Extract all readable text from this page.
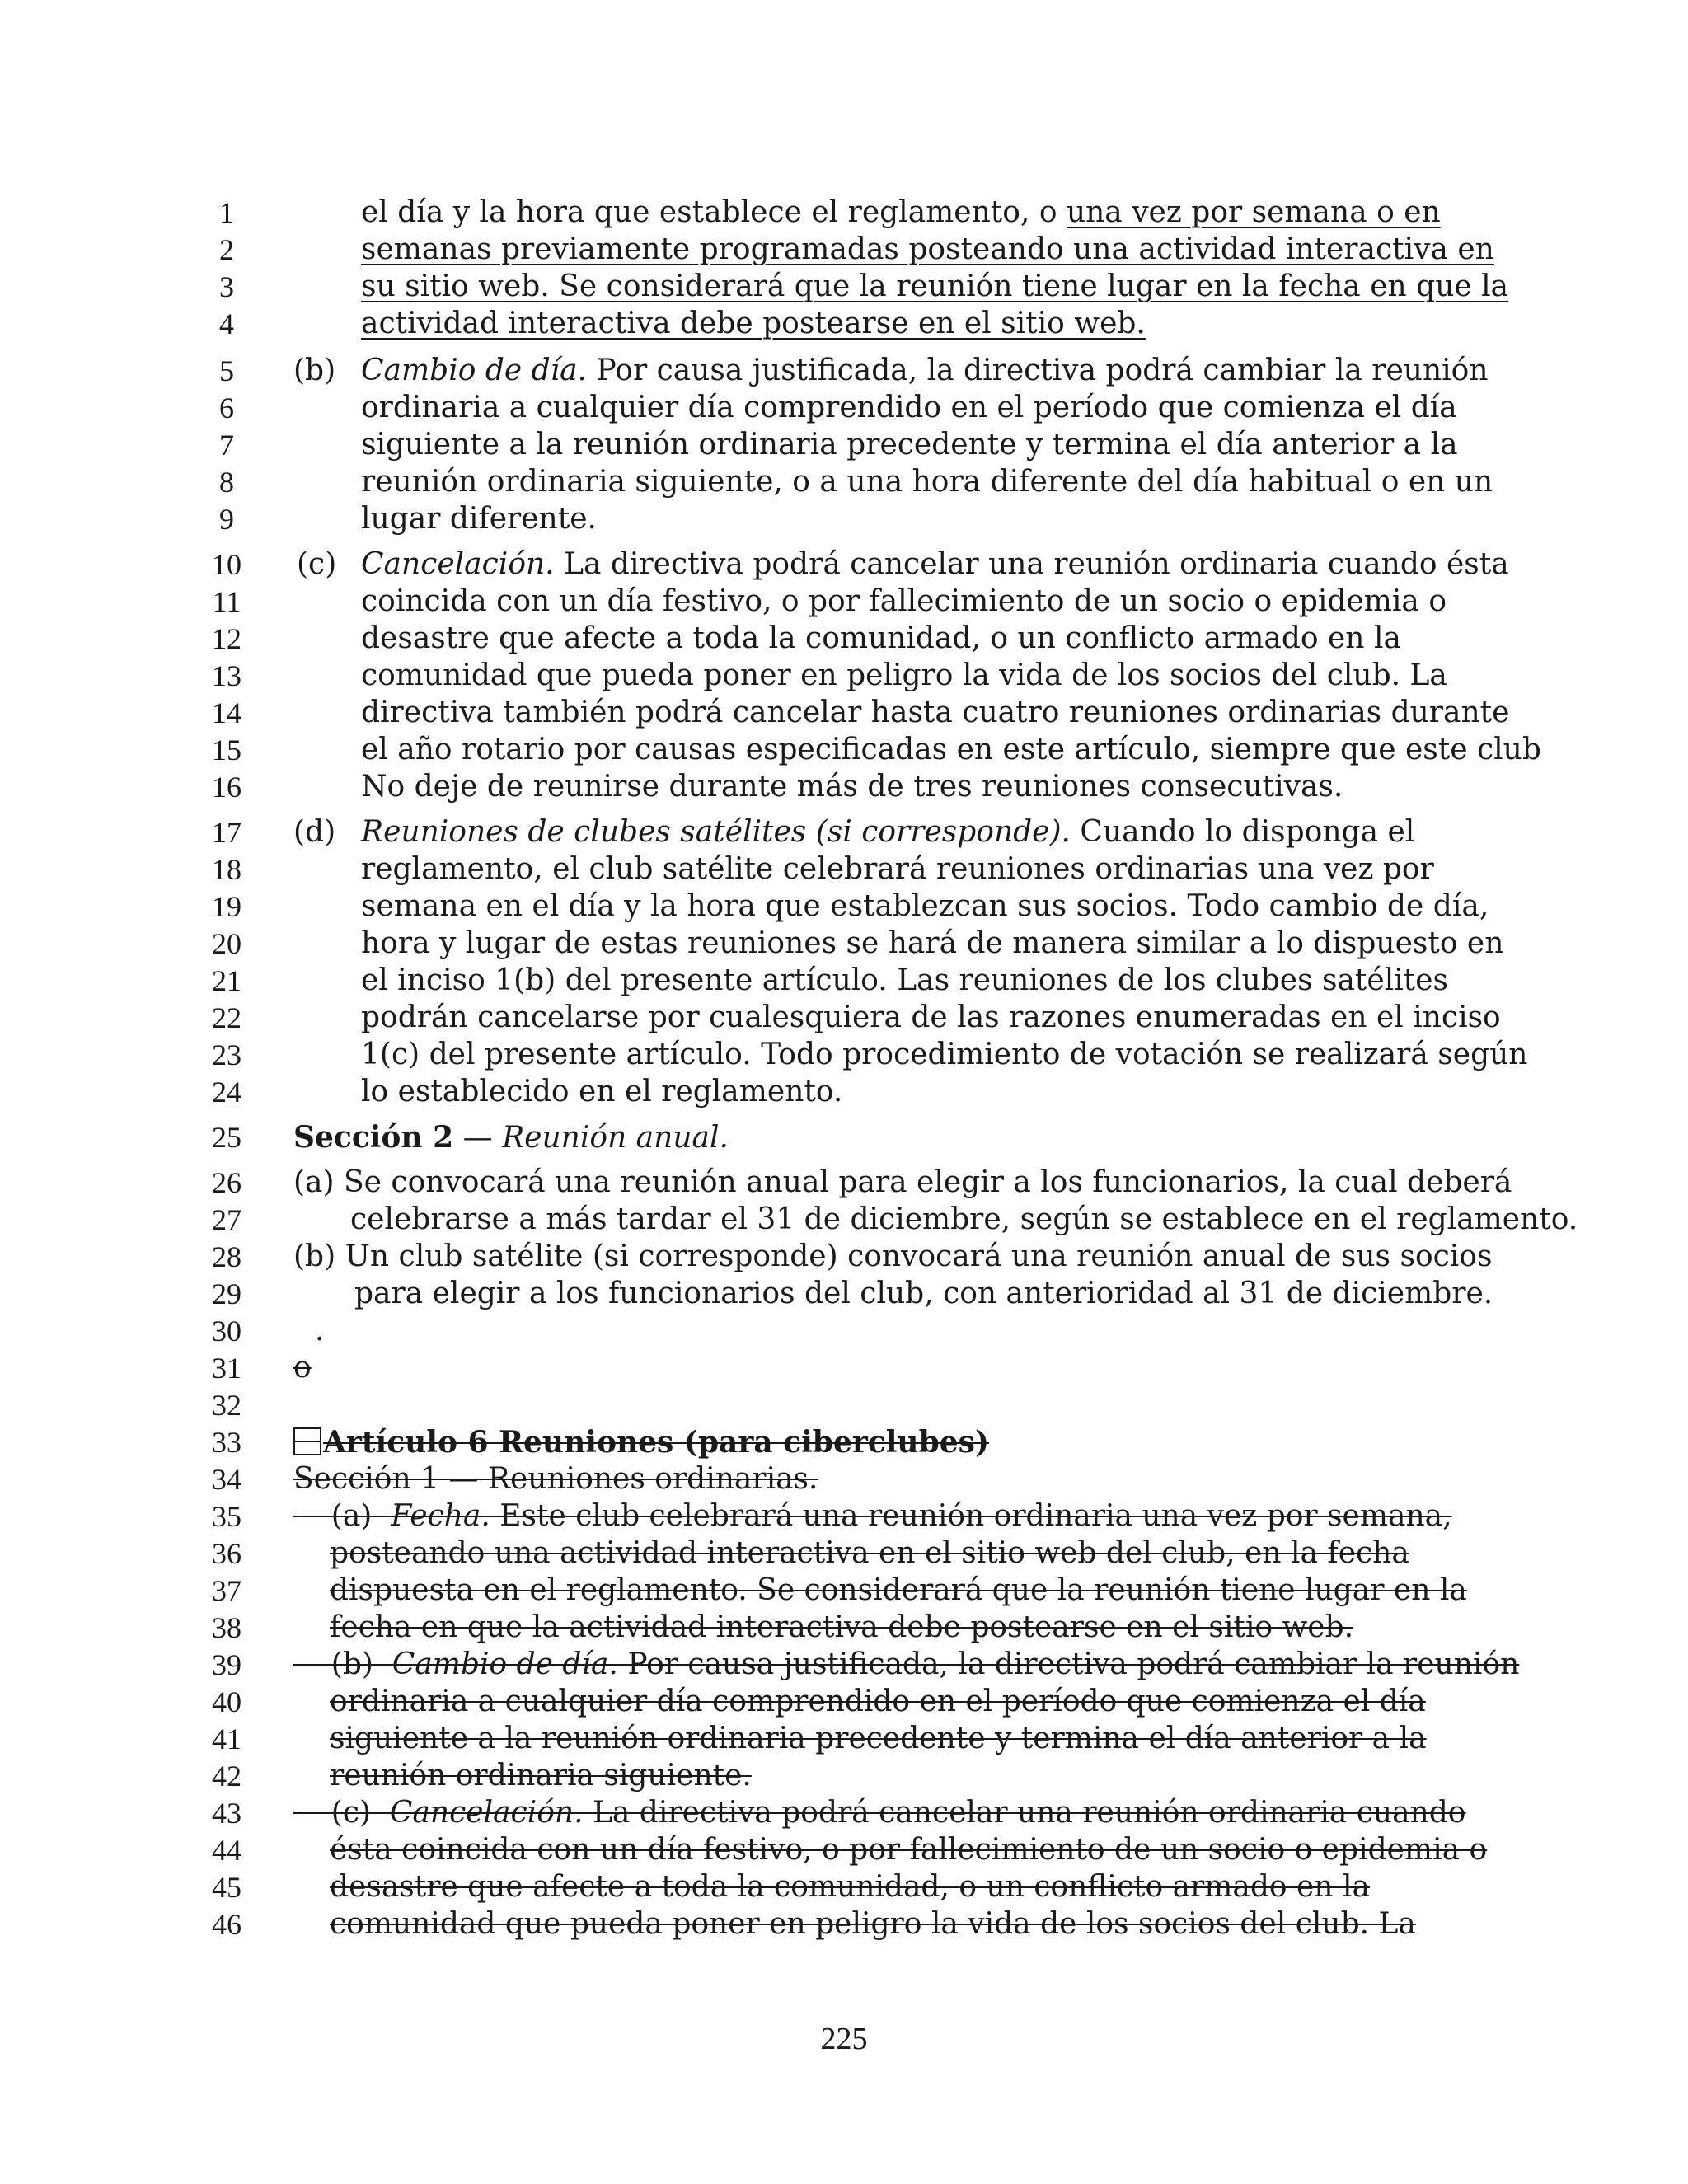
1
2
3
4
5
6
7
8
9
10
11
12
13
14
15
16
17
18
19
20
21
22
23
24
25
26
27
28
29
30
31
32
33
34
35
36
37
38
39
40
41
42
43
44
45
46
el día y la hora que establece el reglamento, o una vez por semana o en
semanas previamente programadas posteando una actividad interactiva en
su sitio web. Se considerará que la reunión tiene lugar en la fecha en que la
actividad interactiva debe postearse en el sitio web.
(b) Cambio de día. Por causa justificada, la directiva podrá cambiar la reunión
ordinaria a cualquier día comprendido en el período que comienza el día
siguiente a la reunión ordinaria precedente y termina el día anterior a la
reunión ordinaria siguiente, o a una hora diferente del día habitual o en un
lugar diferente.
(c) Cancelación. La directiva podrá cancelar una reunión ordinaria cuando ésta
coincida con un día festivo, o por fallecimiento de un socio o epidemia o
desastre que afecte a toda la comunidad, o un conflicto armado en la
comunidad que pueda poner en peligro la vida de los socios del club. La
directiva también podrá cancelar hasta cuatro reuniones ordinarias durante
el año rotario por causas especificadas en este artículo, siempre que este club
No deje de reunirse durante más de tres reuniones consecutivas.
(d) Reuniones de clubes satélites (si corresponde). Cuando lo disponga el
reglamento, el club satélite celebrará reuniones ordinarias una vez por
semana en el día y la hora que establezcan sus socios. Todo cambio de día,
hora y lugar de estas reuniones se hará de manera similar a lo dispuesto en
el inciso 1(b) del presente artículo. Las reuniones de los clubes satélites
podrán cancelarse por cualesquiera de las razones enumeradas en el inciso
1(c) del presente artículo. Todo procedimiento de votación se realizará según
lo establecido en el reglamento.
Sección 2 — Reunión anual.
(a) Se convocará una reunión anual para elegir a los funcionarios, la cual deberá
celebrarse a más tardar el 31 de diciembre, según se establece en el reglamento.
(b) Un club satélite (si corresponde) convocará una reunión anual de sus socios
para elegir a los funcionarios del club, con anterioridad al 31 de diciembre.
.
o
Artículo 6 Reuniones (para ciberclubes)
Sección 1 — Reuniones ordinarias.
(a)  Fecha. Este club celebrará una reunión ordinaria una vez por semana,
posteando una actividad interactiva en el sitio web del club, en la fecha
dispuesta en el reglamento. Se considerará que la reunión tiene lugar en la
fecha en que la actividad interactiva debe postearse en el sitio web.
(b)  Cambio de día. Por causa justificada, la directiva podrá cambiar la reunión
ordinaria a cualquier día comprendido en el período que comienza el día
siguiente a la reunión ordinaria precedente y termina el día anterior a la
reunión ordinaria siguiente.
(c)  Cancelación. La directiva podrá cancelar una reunión ordinaria cuando
ésta coincida con un día festivo, o por fallecimiento de un socio o epidemia o
desastre que afecte a toda la comunidad, o un conflicto armado en la
comunidad que pueda poner en peligro la vida de los socios del club. La
225
